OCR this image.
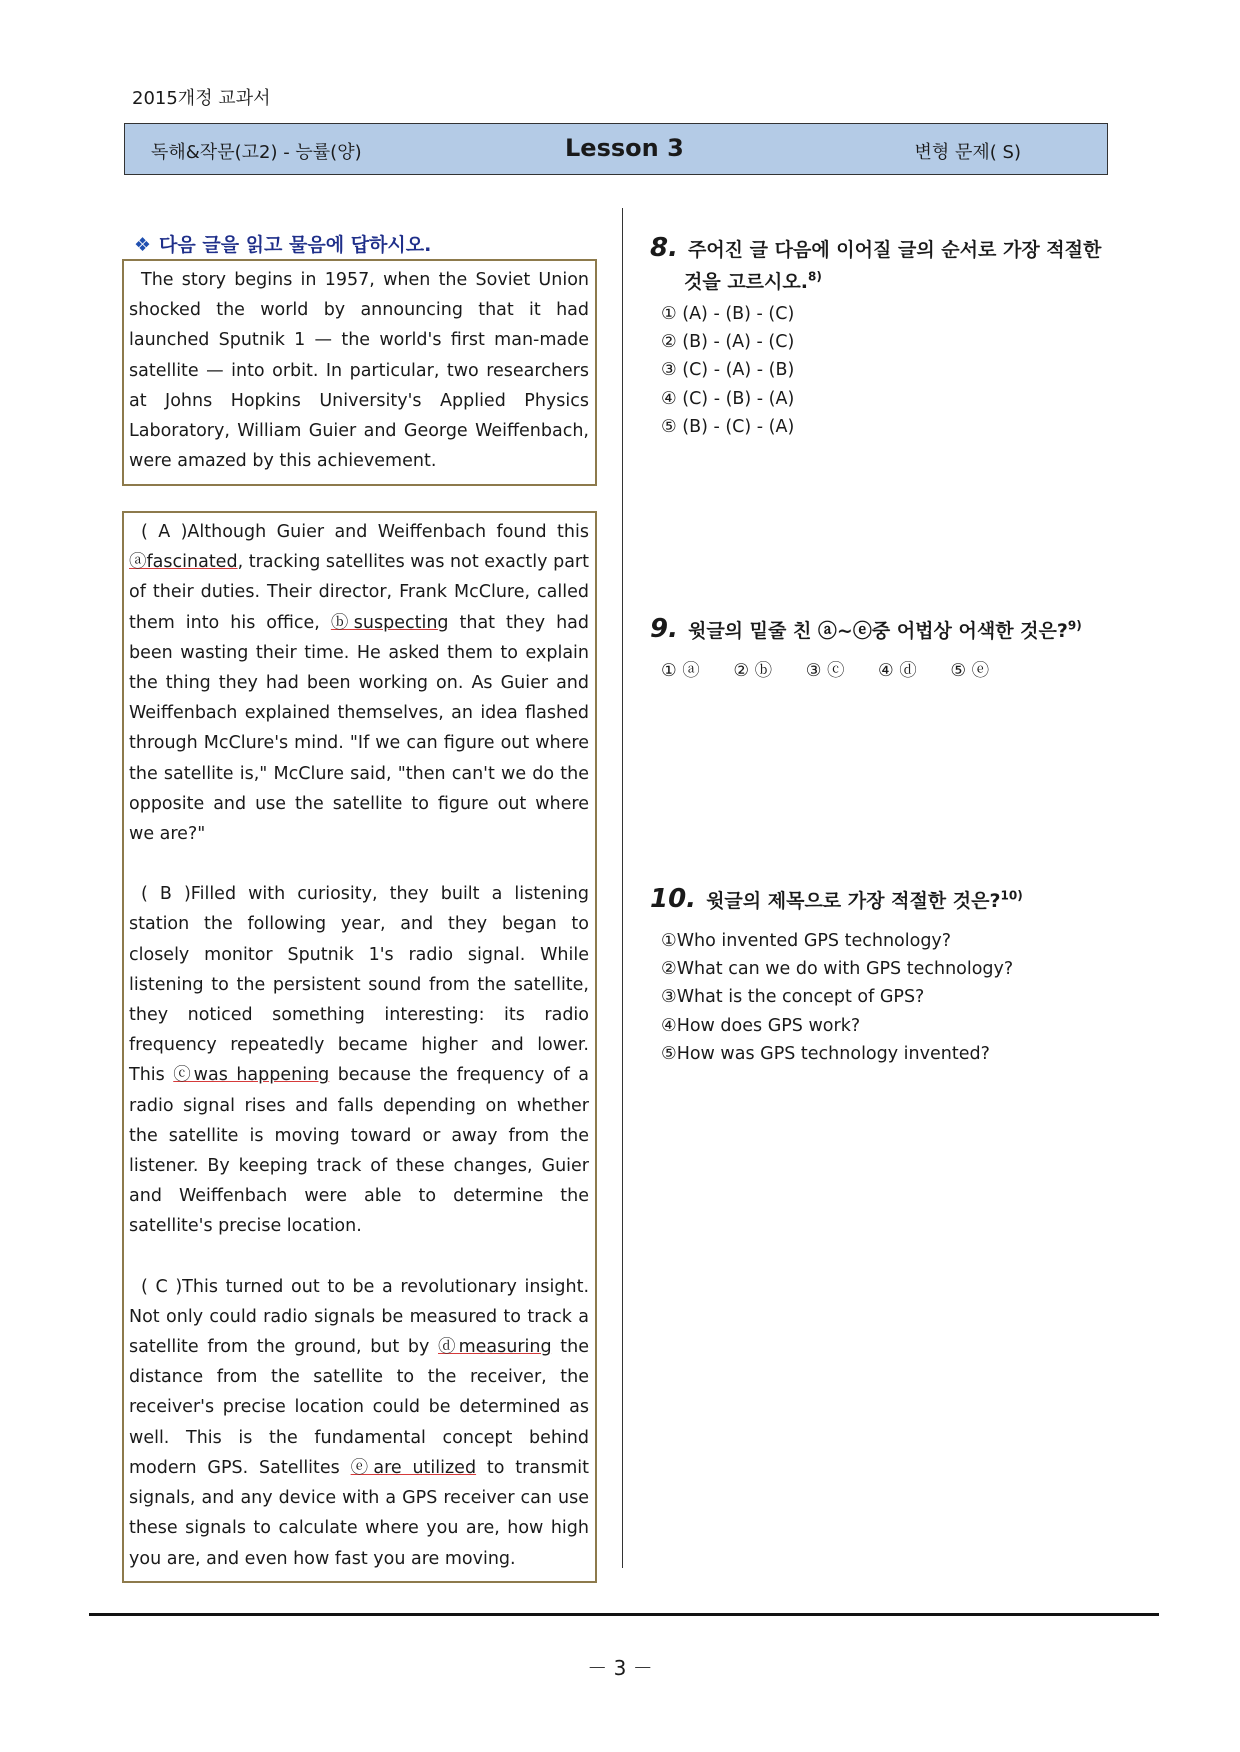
2015개정 교과서
독해&작문(고2) - 능률(양)	Lesson 3	변형 문제( S)
❖ 다음 글을 읽고 물음에 답하시오.

The story begins in 1957, when the Soviet Union shocked the world by announcing that it had launched Sputnik 1 — the world's first man-made satellite — into orbit. In particular, two researchers at Johns Hopkins University's Applied Physics Laboratory, William Guier and George Weiffenbach, were amazed by this achievement.

( A )Although Guier and Weiffenbach found this ⓐfascinated, tracking satellites was not exactly part of their duties. Their director, Frank McClure, called them into his office, ⓑsuspecting that they had been wasting their time. He asked them to explain the thing they had been working on. As Guier and Weiffenbach explained themselves, an idea flashed through McClure's mind. "If we can figure out where the satellite is," McClure said, "then can't we do the opposite and use the satellite to figure out where we are?"

( B )Filled with curiosity, they built a listening station the following year, and they began to closely monitor Sputnik 1's radio signal. While listening to the persistent sound from the satellite, they noticed something interesting: its radio frequency repeatedly became higher and lower. This ⓒwas happening because the frequency of a radio signal rises and falls depending on whether the satellite is moving toward or away from the listener. By keeping track of these changes, Guier and Weiffenbach were able to determine the satellite's precise location.

( C )This turned out to be a revolutionary insight. Not only could radio signals be measured to track a satellite from the ground, but by ⓓmeasuring the distance from the satellite to the receiver, the receiver's precise location could be determined as well. This is the fundamental concept behind modern GPS. Satellites ⓔare utilized to transmit signals, and any device with a GPS receiver can use these signals to calculate where you are, how high you are, and even how fast you are moving.

8. 주어진 글 다음에 이어질 글의 순서로 가장 적절한
것을 고르시오.$^{8)}$
① (A) - (B) - (C)
② (B) - (A) - (C)
③ (C) - (A) - (B)
④ (C) - (B) - (A)
⑤ (B) - (C) - (A)
9. 윗글의 밑줄 친 ⓐ~ⓔ중 어법상 어색한 것은?$^{9)}$
① ⓐ ② ⓑ ③ ⓒ ④ ⓓ ⑤ ⓔ
10. 윗글의 제목으로 가장 적절한 것은?$^{10)}$
①Who invented GPS technology?
②What can we do with GPS technology?
③What is the concept of GPS?
④How does GPS work?
⑤How was GPS technology invented?
－ 3 －
